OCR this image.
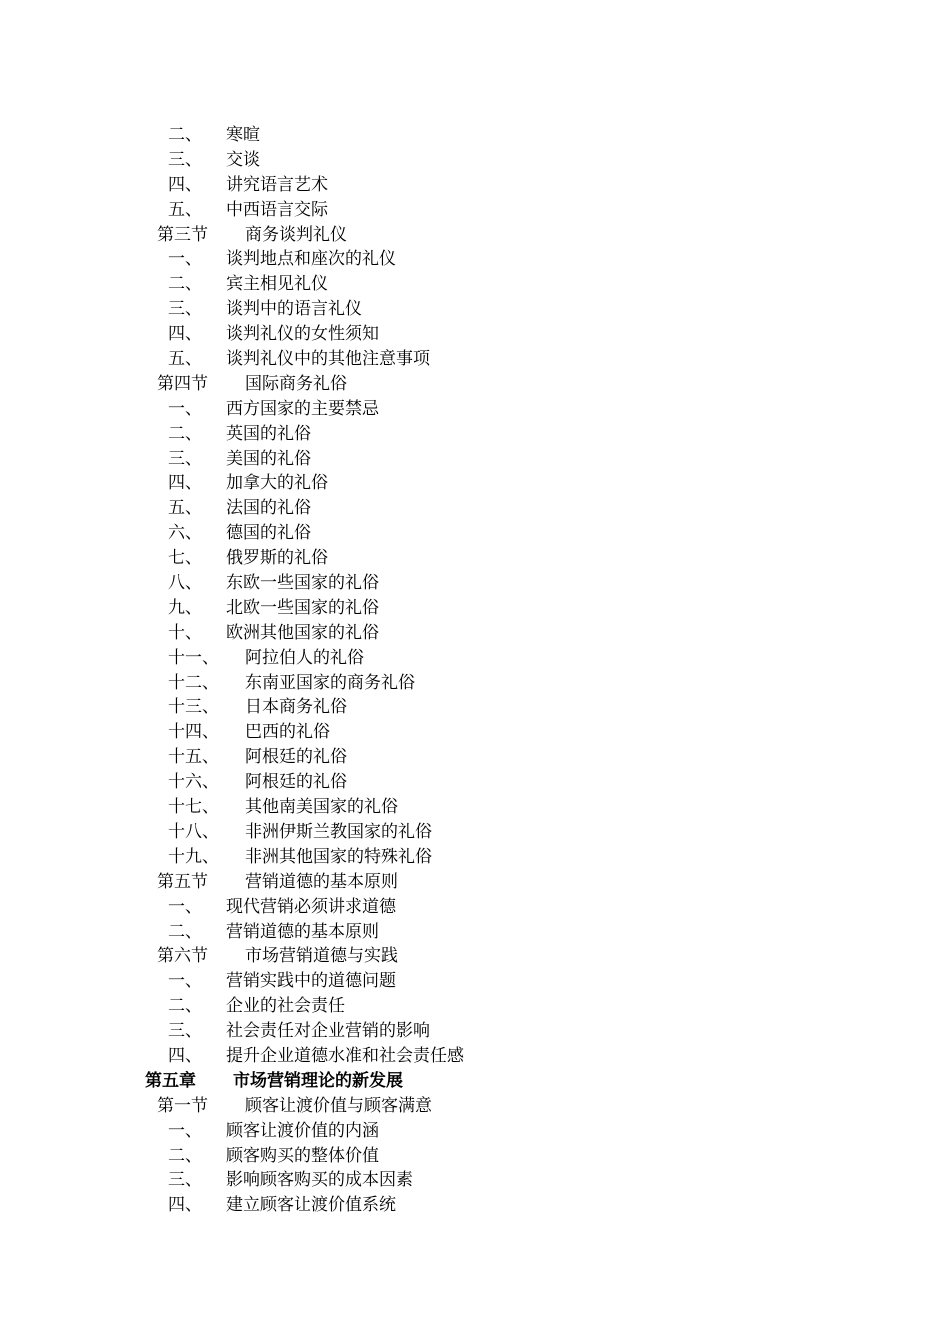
二、 寒暄
三、 交谈
四、 讲究语言艺术
五、 中西语言交际
第三节 商务谈判礼仪
一、 谈判地点和座次的礼仪
二、 宾主相见礼仪
三、 谈判中的语言礼仪
四、 谈判礼仪的女性须知
五、 谈判礼仪中的其他注意事项
第四节 国际商务礼俗
一、 西方国家的主要禁忌
二、 英国的礼俗
三、 美国的礼俗
四、 加拿大的礼俗
五、 法国的礼俗
六、 德国的礼俗
七、 俄罗斯的礼俗
八、 东欧一些国家的礼俗
九、 北欧一些国家的礼俗
十、 欧洲其他国家的礼俗
十一、 阿拉伯人的礼俗
十二、 东南亚国家的商务礼俗
十三、 日本商务礼俗
十四、 巴西的礼俗
十五、 阿根廷的礼俗
十六、 阿根廷的礼俗
十七、 其他南美国家的礼俗
十八、 非洲伊斯兰教国家的礼俗
十九、 非洲其他国家的特殊礼俗
第五节 营销道德的基本原则
一、 现代营销必须讲求道德
二、 营销道德的基本原则
第六节 市场营销道德与实践
一、 营销实践中的道德问题
二、 企业的社会责任
三、 社会责任对企业营销的影响
四、 提升企业道德水准和社会责任感
第五章 市场营销理论的新发展
第一节 顾客让渡价值与顾客满意
一、 顾客让渡价值的内涵
二、 顾客购买的整体价值
三、 影响顾客购买的成本因素
四、 建立顾客让渡价值系统
